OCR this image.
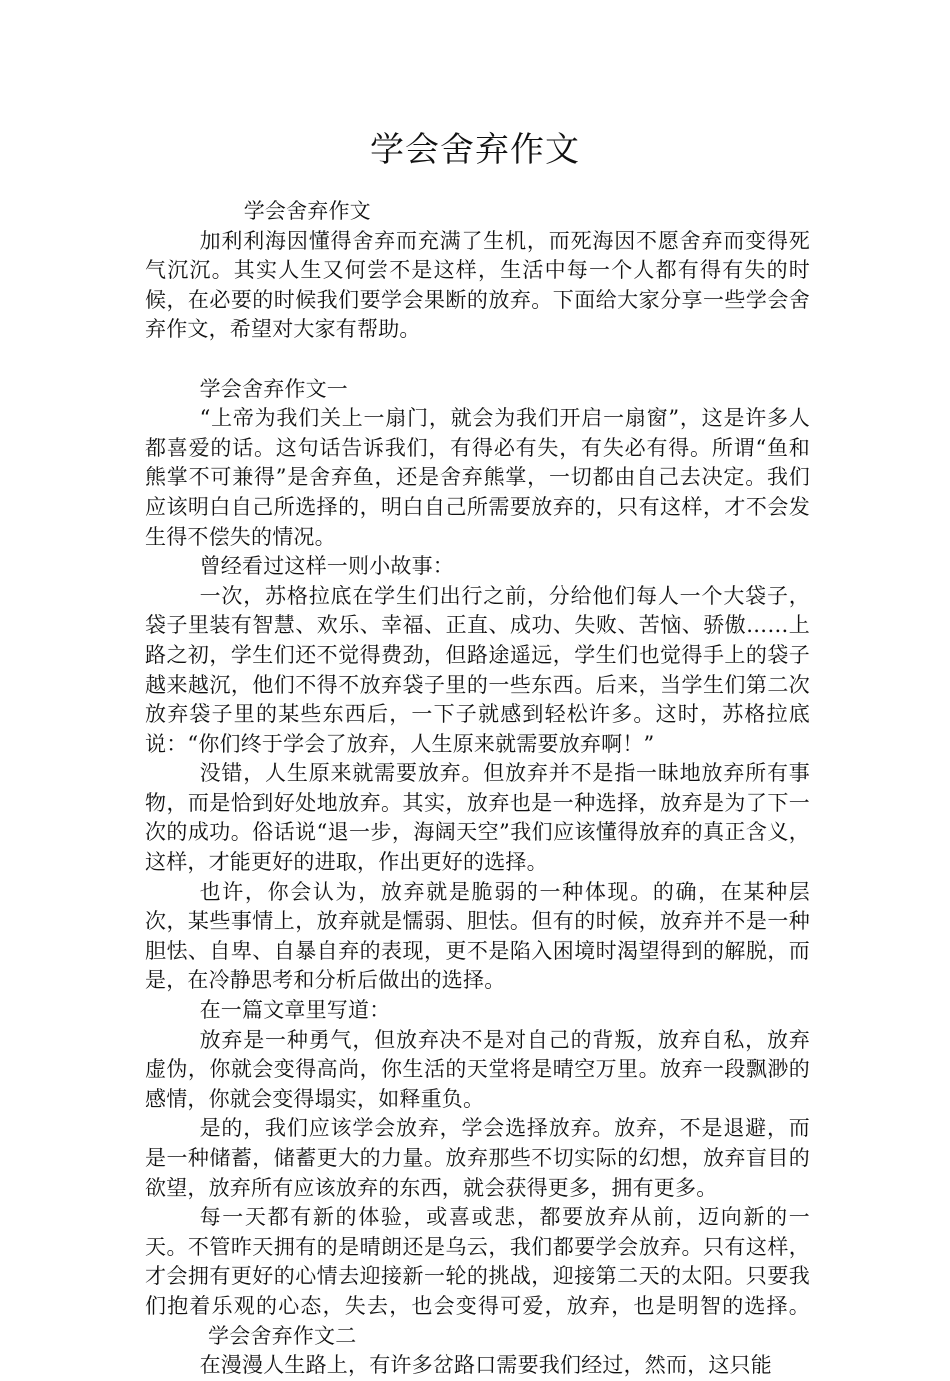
学会舍弃作文

学会舍弃作文

加利利海因懂得舍弃而充满了生机，而死海因不愿舍弃而变得死气沉沉。其实人生又何尝不是这样，生活中每一个人都有得有失的时候，在必要的时候我们要学会果断的放弃。下面给大家分享一些学会舍弃作文，希望对大家有帮助。

学会舍弃作文一

“上帝为我们关上一扇门，就会为我们开启一扇窗”，这是许多人都喜爱的话。这句话告诉我们，有得必有失，有失必有得。所谓“鱼和熊掌不可兼得”是舍弃鱼，还是舍弃熊掌，一切都由自己去决定。我们应该明白自己所选择的，明白自己所需要放弃的，只有这样，才不会发生得不偿失的情况。

曾经看过这样一则小故事：

一次，苏格拉底在学生们出行之前，分给他们每人一个大袋子，袋子里装有智慧、欢乐、幸福、正直、成功、失败、苦恼、骄傲……上路之初，学生们还不觉得费劲，但路途遥远，学生们也觉得手上的袋子越来越沉，他们不得不放弃袋子里的一些东西。后来，当学生们第二次放弃袋子里的某些东西后，一下子就感到轻松许多。这时，苏格拉底说：“你们终于学会了放弃，人生原来就需要放弃啊！”

没错，人生原来就需要放弃。但放弃并不是指一昧地放弃所有事物，而是恰到好处地放弃。其实，放弃也是一种选择，放弃是为了下一次的成功。俗话说“退一步，海阔天空”我们应该懂得放弃的真正含义，这样，才能更好的进取，作出更好的选择。

也许，你会认为，放弃就是脆弱的一种体现。的确，在某种层次，某些事情上，放弃就是懦弱、胆怯。但有的时候，放弃并不是一种胆怯、自卑、自暴自弃的表现，更不是陷入困境时渴望得到的解脱，而是，在冷静思考和分析后做出的选择。

在一篇文章里写道：

放弃是一种勇气，但放弃决不是对自己的背叛，放弃自私，放弃虚伪，你就会变得高尚，你生活的天堂将是晴空万里。放弃一段飘渺的感情，你就会变得塌实，如释重负。

是的，我们应该学会放弃，学会选择放弃。放弃，不是退避，而是一种储蓄，储蓄更大的力量。放弃那些不切实际的幻想，放弃盲目的欲望，放弃所有应该放弃的东西，就会获得更多，拥有更多。

每一天都有新的体验，或喜或悲，都要放弃从前，迈向新的一天。不管昨天拥有的是晴朗还是乌云，我们都要学会放弃。只有这样，才会拥有更好的心情去迎接新一轮的挑战，迎接第二天的太阳。只要我们抱着乐观的心态，失去，也会变得可爱，放弃，也是明智的选择。学会舍弃作文二

在漫漫人生路上，有许多岔路口需要我们经过，然而，这只能
